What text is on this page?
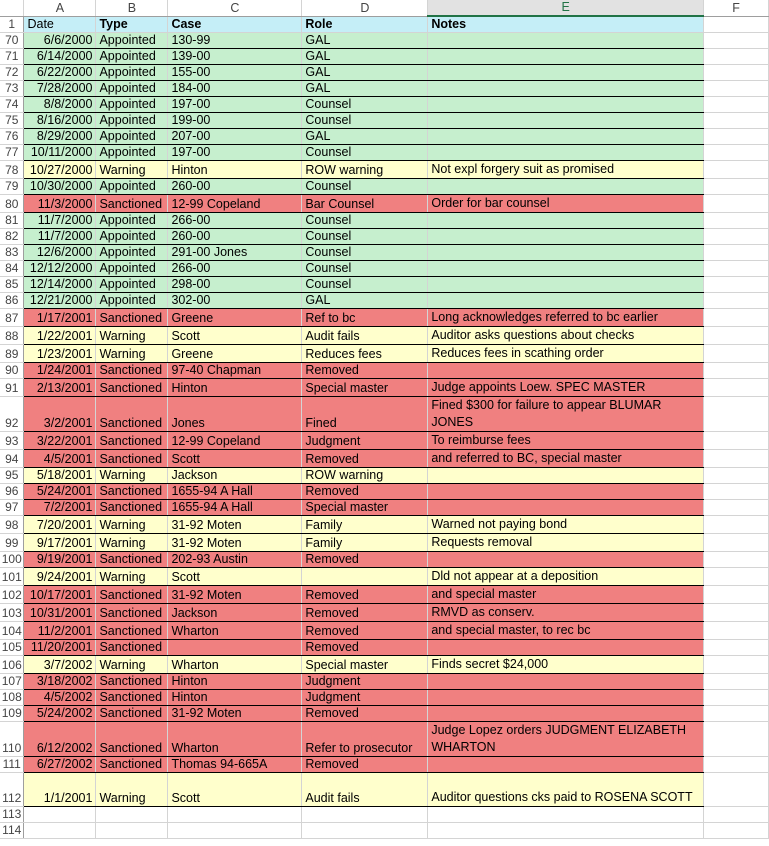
	A	B	C	D	E	F
1	Date	Type	Case	Role	Notes	
70	6/6/2000	Appointed	130-99	GAL		
71	6/14/2000	Appointed	139-00	GAL		
72	6/22/2000	Appointed	155-00	GAL		
73	7/28/2000	Appointed	184-00	GAL		
74	8/8/2000	Appointed	197-00	Counsel		
75	8/16/2000	Appointed	199-00	Counsel		
76	8/29/2000	Appointed	207-00	GAL		
77	10/11/2000	Appointed	197-00	Counsel		
78	10/27/2000	Warning	Hinton	ROW warning	Not expl forgery suit as promised	
79	10/30/2000	Appointed	260-00	Counsel		
80	11/3/2000	Sanctioned	12-99 Copeland	Bar Counsel	Order for bar counsel	
81	11/7/2000	Appointed	266-00	Counsel		
82	11/7/2000	Appointed	260-00	Counsel		
83	12/6/2000	Appointed	291-00 Jones	Counsel		
84	12/12/2000	Appointed	266-00	Counsel		
85	12/14/2000	Appointed	298-00	Counsel		
86	12/21/2000	Appointed	302-00	GAL		
87	1/17/2001	Sanctioned	Greene	Ref to bc	Long acknowledges referred to bc earlier	
88	1/22/2001	Warning	Scott	Audit fails	Auditor asks questions about checks	
89	1/23/2001	Warning	Greene	Reduces fees	Reduces fees in scathing order	
90	1/24/2001	Sanctioned	97-40 Chapman	Removed		
91	2/13/2001	Sanctioned	Hinton	Special master	Judge appoints Loew. SPEC MASTER	
92	3/2/2001	Sanctioned	Jones	Fined	Fined $300 for failure to appear BLUMAR JONES	
93	3/22/2001	Sanctioned	12-99 Copeland	Judgment	To reimburse fees	
94	4/5/2001	Sanctioned	Scott	Removed	and referred to BC, special master	
95	5/18/2001	Warning	Jackson	ROW warning		
96	5/24/2001	Sanctioned	1655-94 A Hall	Removed		
97	7/2/2001	Sanctioned	1655-94 A Hall	Special master		
98	7/20/2001	Warning	31-92 Moten	Family	Warned not paying bond	
99	9/17/2001	Warning	31-92 Moten	Family	Requests removal	
100	9/19/2001	Sanctioned	202-93 Austin	Removed		
101	9/24/2001	Warning	Scott		Dld not appear at a deposition	
102	10/17/2001	Sanctioned	31-92 Moten	Removed	and special master	
103	10/31/2001	Sanctioned	Jackson	Removed	RMVD as conserv.	
104	11/2/2001	Sanctioned	Wharton	Removed	and special master, to rec bc	
105	11/20/2001	Sanctioned		Removed		
106	3/7/2002	Warning	Wharton	Special master	Finds secret $24,000	
107	3/18/2002	Sanctioned	Hinton	Judgment		
108	4/5/2002	Sanctioned	Hinton	Judgment		
109	5/24/2002	Sanctioned	31-92 Moten	Removed		
110	6/12/2002	Sanctioned	Wharton	Refer to prosecutor	Judge Lopez orders JUDGMENT ELIZABETH WHARTON	
111	6/27/2002	Sanctioned	Thomas 94-665A	Removed		
112	1/1/2001	Warning	Scott	Audit fails	Auditor questions cks paid to ROSENA SCOTT	
113						
114						
